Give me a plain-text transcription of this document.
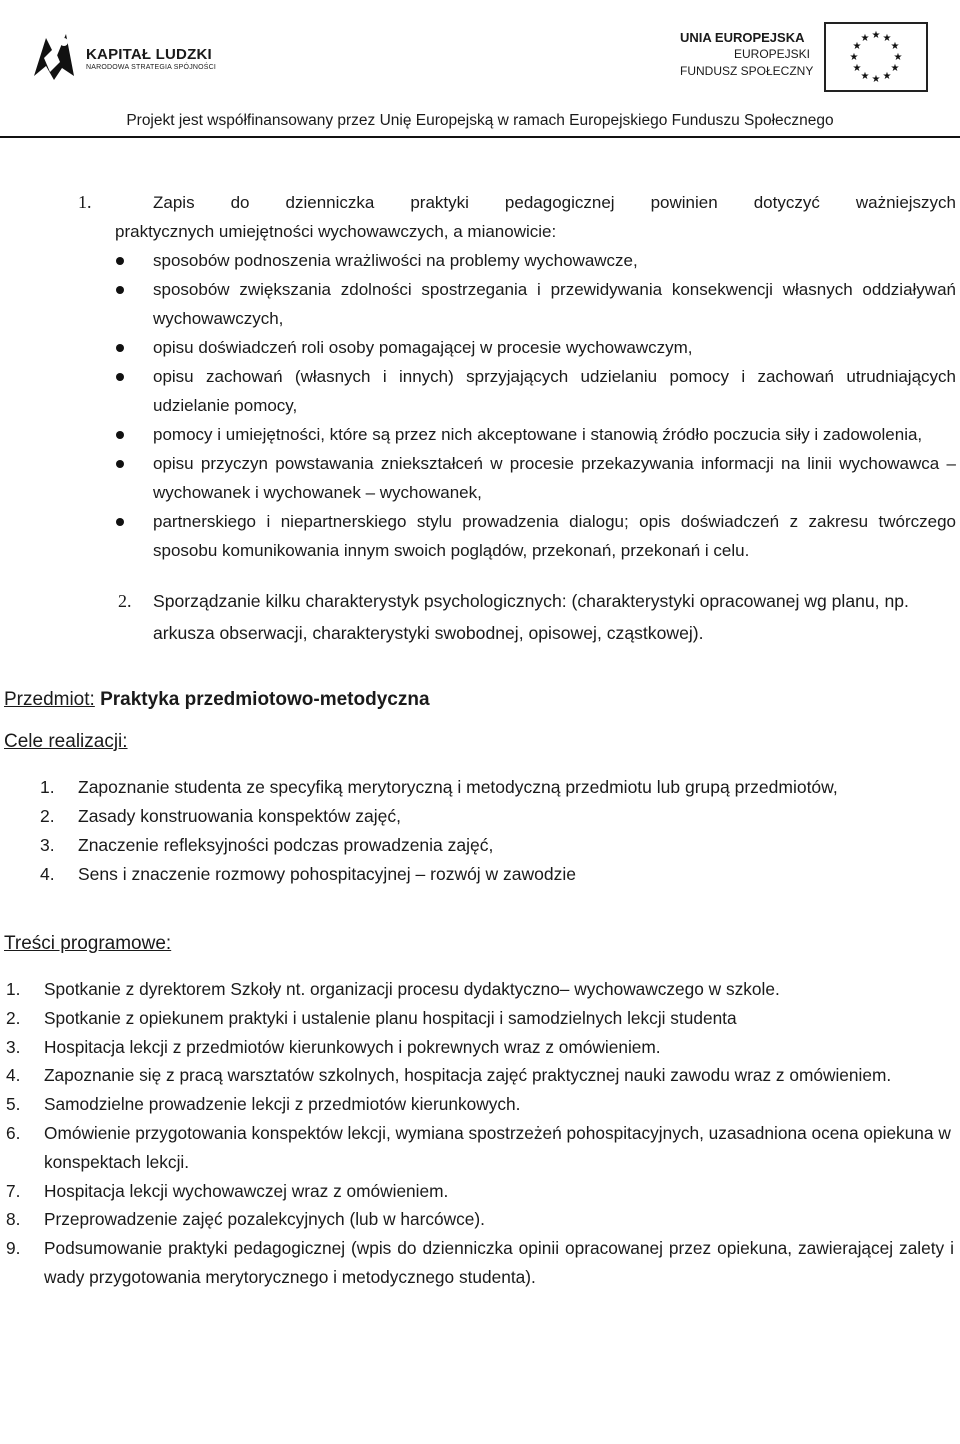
KAPITAŁ LUDZKI
NARODOWA STRATEGIA SPÓJNOŚCI
UNIA EUROPEJSKA
EUROPEJSKI
FUNDUSZ SPOŁECZNY
★ ★
★
★
★
★
★
★
★
★
★
★
Projekt jest współfinansowany przez Unię Europejską w ramach Europejskiego Funduszu Społecznego
1.	Zapis do dzienniczka praktyki pedagogicznej powinien dotyczyć ważniejszych
praktycznych umiejętności wychowawczych, a mianowicie:
sposobów podnoszenia wrażliwości na problemy wychowawcze,
sposobów zwiększania zdolności spostrzegania i przewidywania konsekwencji własnych oddziaływań wychowawczych,
opisu doświadczeń roli osoby pomagającej w procesie wychowawczym,
opisu zachowań (własnych i innych) sprzyjających udzielaniu pomocy i zachowań utrudniających udzielanie pomocy,
pomocy i umiejętności, które są przez nich akceptowane i stanowią źródło poczucia siły i zadowolenia,
opisu przyczyn powstawania zniekształceń w procesie przekazywania informacji na linii wychowawca – wychowanek i wychowanek – wychowanek,
partnerskiego i niepartnerskiego stylu prowadzenia dialogu; opis doświadczeń z zakresu twórczego sposobu komunikowania innym swoich poglądów, przekonań, przekonań i celu.
2. Sporządzanie kilku charakterystyk psychologicznych: (charakterystyki opracowanej wg planu, np. arkusza obserwacji, charakterystyki swobodnej, opisowej, cząstkowej).
Przedmiot: Praktyka przedmiotowo-metodyczna
Cele realizacji:
1. Zapoznanie studenta ze specyfiką merytoryczną i metodyczną przedmiotu lub grupą przedmiotów,
2. Zasady konstruowania konspektów zajęć,
3. Znaczenie refleksyjności podczas prowadzenia zajęć,
4. Sens i znaczenie rozmowy pohospitacyjnej – rozwój w zawodzie
Treści programowe:
1. Spotkanie z dyrektorem Szkoły nt. organizacji procesu dydaktyczno– wychowawczego w szkole.
2. Spotkanie z opiekunem praktyki i ustalenie planu hospitacji i samodzielnych lekcji studenta
3. Hospitacja lekcji z przedmiotów kierunkowych i pokrewnych wraz z omówieniem.
4. Zapoznanie się z pracą warsztatów szkolnych, hospitacja zajęć praktycznej nauki zawodu wraz z omówieniem.
5. Samodzielne prowadzenie lekcji z przedmiotów kierunkowych.
6. Omówienie przygotowania konspektów lekcji, wymiana spostrzeżeń pohospitacyjnych, uzasadniona ocena opiekuna w konspektach lekcji.
7. Hospitacja lekcji wychowawczej wraz z omówieniem.
8. Przeprowadzenie zajęć pozalekcyjnych (lub w harcówce).
9. Podsumowanie praktyki pedagogicznej (wpis do dzienniczka opinii opracowanej przez opiekuna, zawierającej zalety i wady przygotowania merytorycznego i metodycznego studenta).
